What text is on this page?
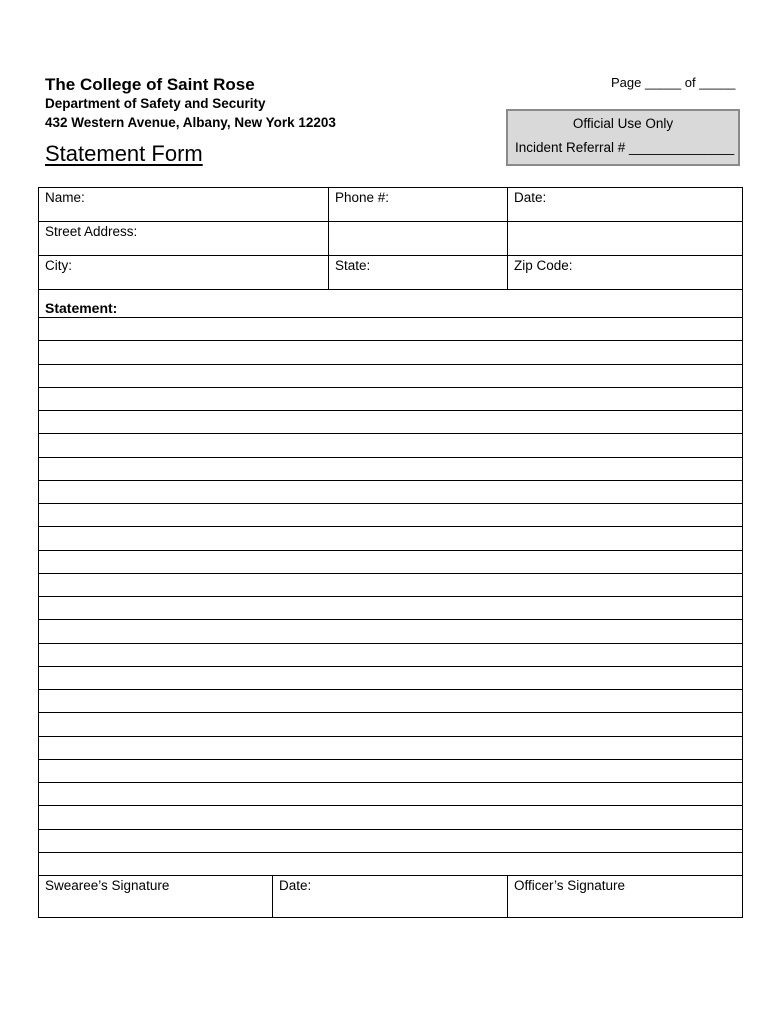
The College of Saint Rose
Department of Safety and Security
432 Western Avenue, Albany, New York 12203
Statement Form
Page _____ of _____
Official Use Only
Incident Referral # ______________
Name:	Phone #:	Date:
Street Address:
City:	State:	Zip Code:
Statement:
Swearee’s Signature	Date:	Officer’s Signature
